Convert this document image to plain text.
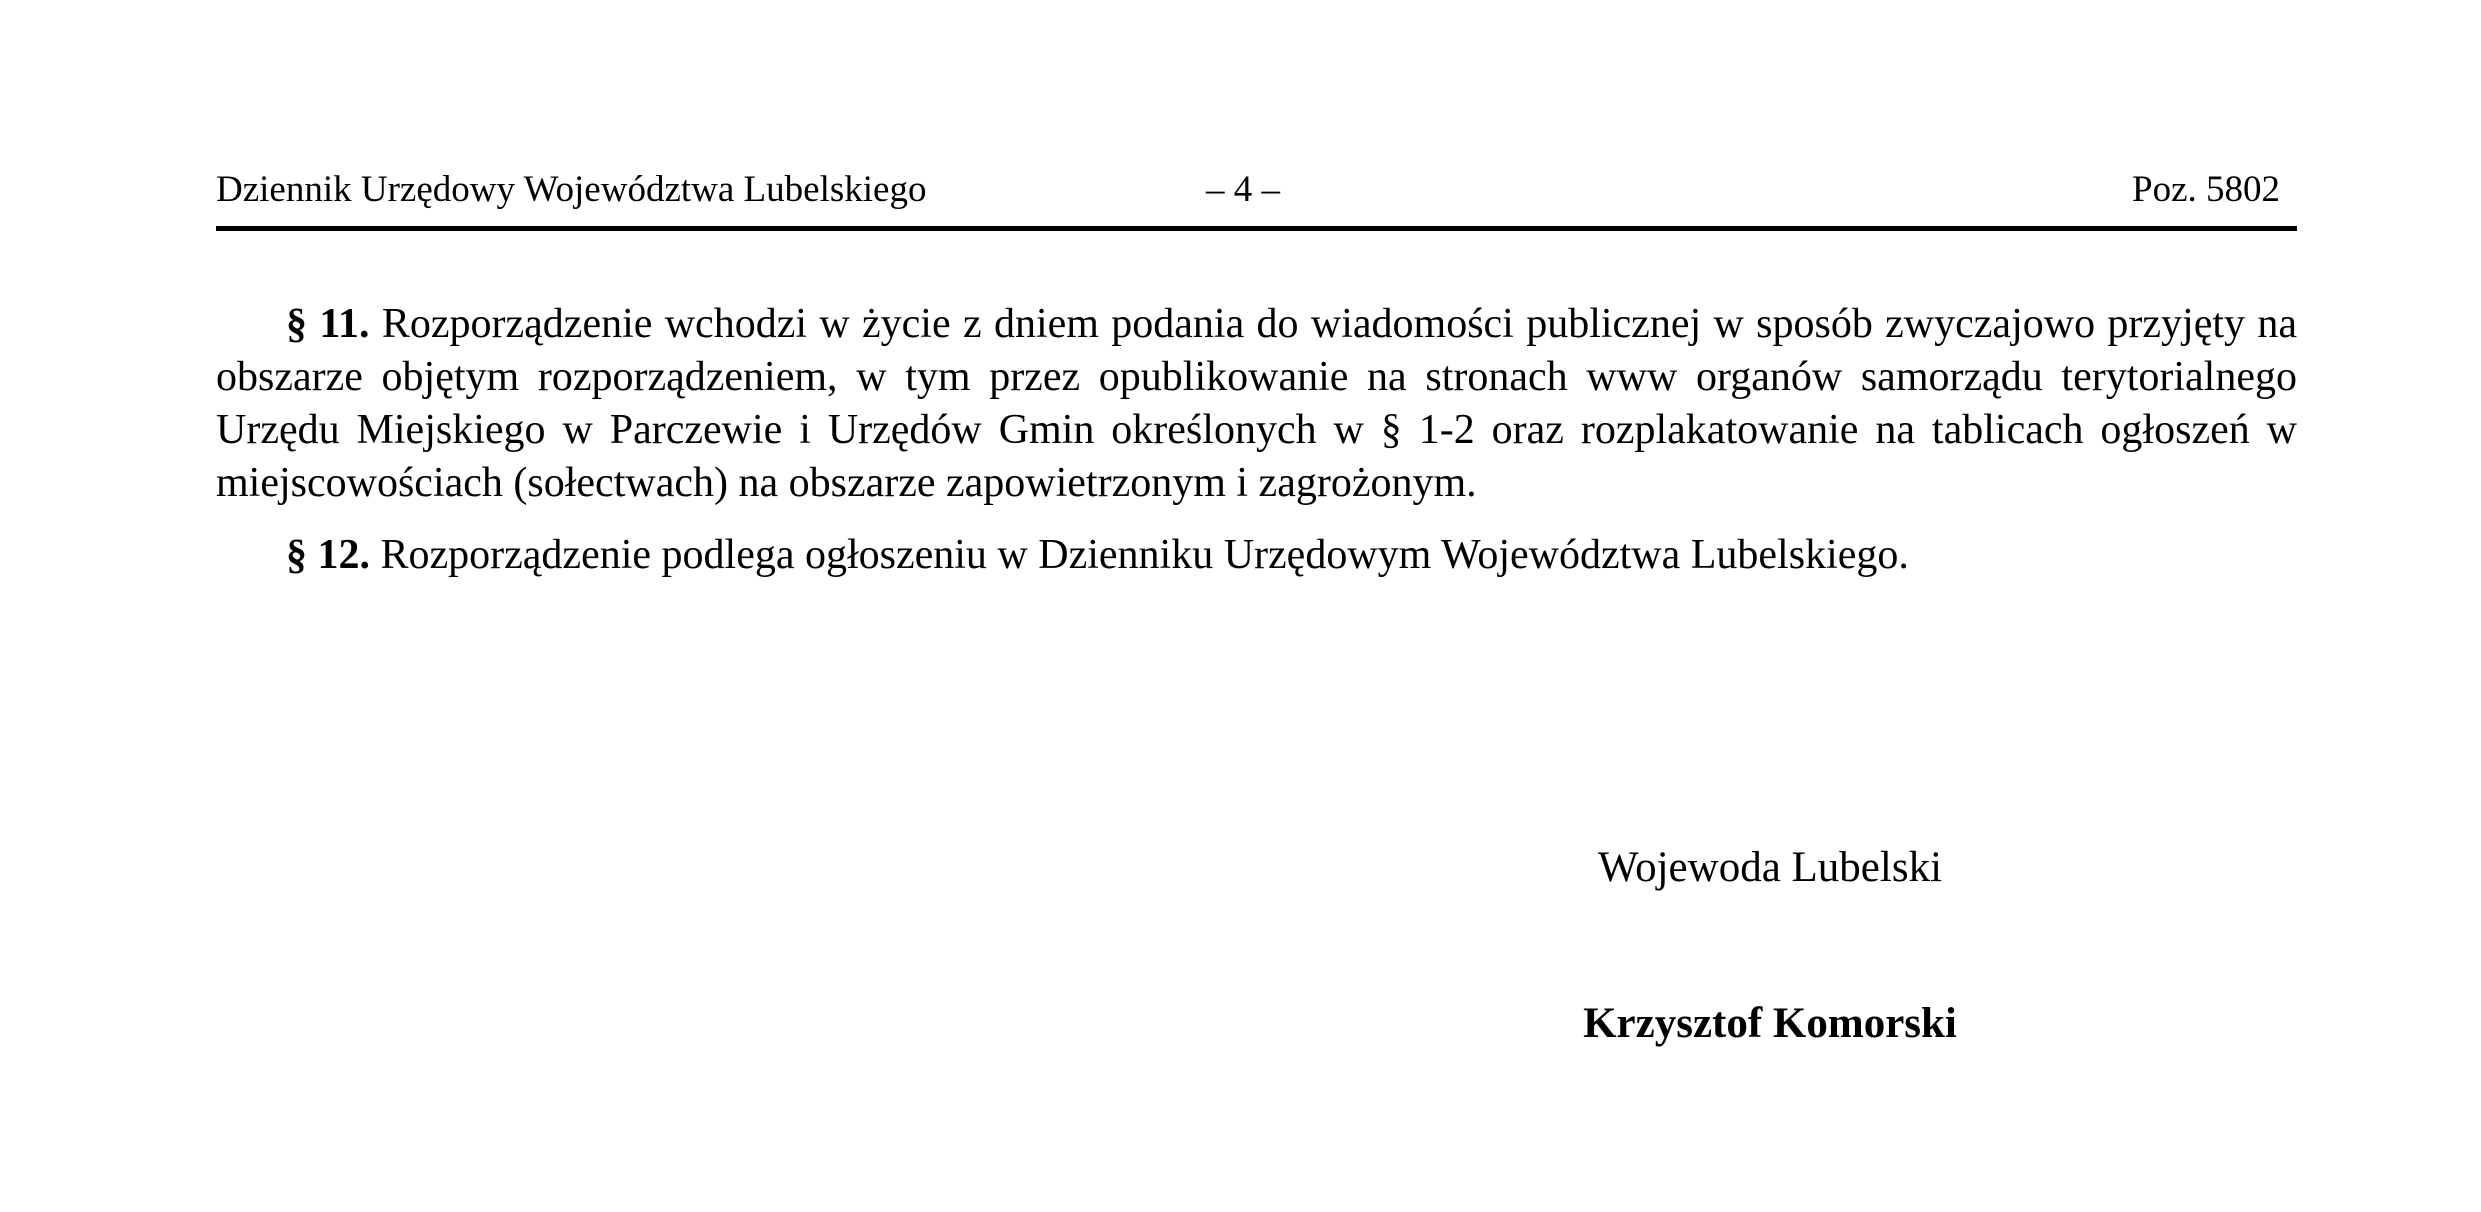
Dziennik Urzędowy Województwa Lubelskiego	– 4 –	Poz. 5802

§ 11. Rozporządzenie wchodzi w życie z dniem podania do wiadomości publicznej w sposób zwyczajowo przyjęty na obszarze objętym rozporządzeniem, w tym przez opublikowanie na stronach www organów samorządu terytorialnego Urzędu Miejskiego w Parczewie i Urzędów Gmin określonych w § 1-2 oraz rozplakatowanie na tablicach ogłoszeń w miejscowościach (sołectwach) na obszarze zapowietrzonym i zagrożonym.

§ 12. Rozporządzenie podlega ogłoszeniu w Dzienniku Urzędowym Województwa Lubelskiego.

Wojewoda Lubelski
Krzysztof Komorski
